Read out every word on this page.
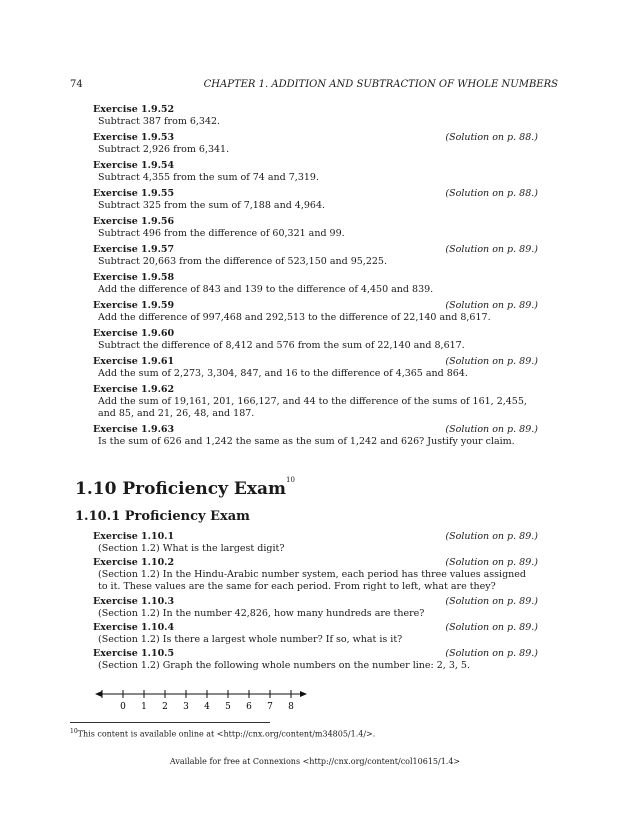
74	CHAPTER 1. ADDITION AND SUBTRACTION OF WHOLE NUMBERS
Exercise 1.9.52
Subtract 387 from 6,342.
Exercise 1.9.53	(Solution on p. 88.)
Subtract 2,926 from 6,341.
Exercise 1.9.54
Subtract 4,355 from the sum of 74 and 7,319.
Exercise 1.9.55	(Solution on p. 88.)
Subtract 325 from the sum of 7,188 and 4,964.
Exercise 1.9.56
Subtract 496 from the difference of 60,321 and 99.
Exercise 1.9.57	(Solution on p. 89.)
Subtract 20,663 from the difference of 523,150 and 95,225.
Exercise 1.9.58
Add the difference of 843 and 139 to the difference of 4,450 and 839.
Exercise 1.9.59	(Solution on p. 89.)
Add the difference of 997,468 and 292,513 to the difference of 22,140 and 8,617.
Exercise 1.9.60
Subtract the difference of 8,412 and 576 from the sum of 22,140 and 8,617.
Exercise 1.9.61	(Solution on p. 89.)
Add the sum of 2,273, 3,304, 847, and 16 to the difference of 4,365 and 864.
Exercise 1.9.62
Add the sum of 19,161, 201, 166,127, and 44 to the difference of the sums of 161, 2,455, and 85, and 21, 26, 48, and 187.
Exercise 1.9.63	(Solution on p. 89.)
Is the sum of 626 and 1,242 the same as the sum of 1,242 and 626? Justify your claim.
1.10 Proficiency Exam$^{10}$
1.10.1 Proficiency Exam
Exercise 1.10.1	(Solution on p. 89.)
(Section 1.2) What is the largest digit?
Exercise 1.10.2	(Solution on p. 89.)
(Section 1.2) In the Hindu-Arabic number system, each period has three values assigned to it. These values are the same for each period. From right to left, what are they?
Exercise 1.10.3	(Solution on p. 89.)
(Section 1.2) In the number 42,826, how many hundreds are there?
Exercise 1.10.4	(Solution on p. 89.)
(Section 1.2) Is there a largest whole number? If so, what is it?
Exercise 1.10.5	(Solution on p. 89.)
(Section 1.2) Graph the following whole numbers on the number line: 2, 3, 5.
0 1 2 3 4 5 6 7 8
$^{10}$This content is available online at <http://cnx.org/content/m34805/1.4/>.
Available for free at Connexions <http://cnx.org/content/col10615/1.4>
